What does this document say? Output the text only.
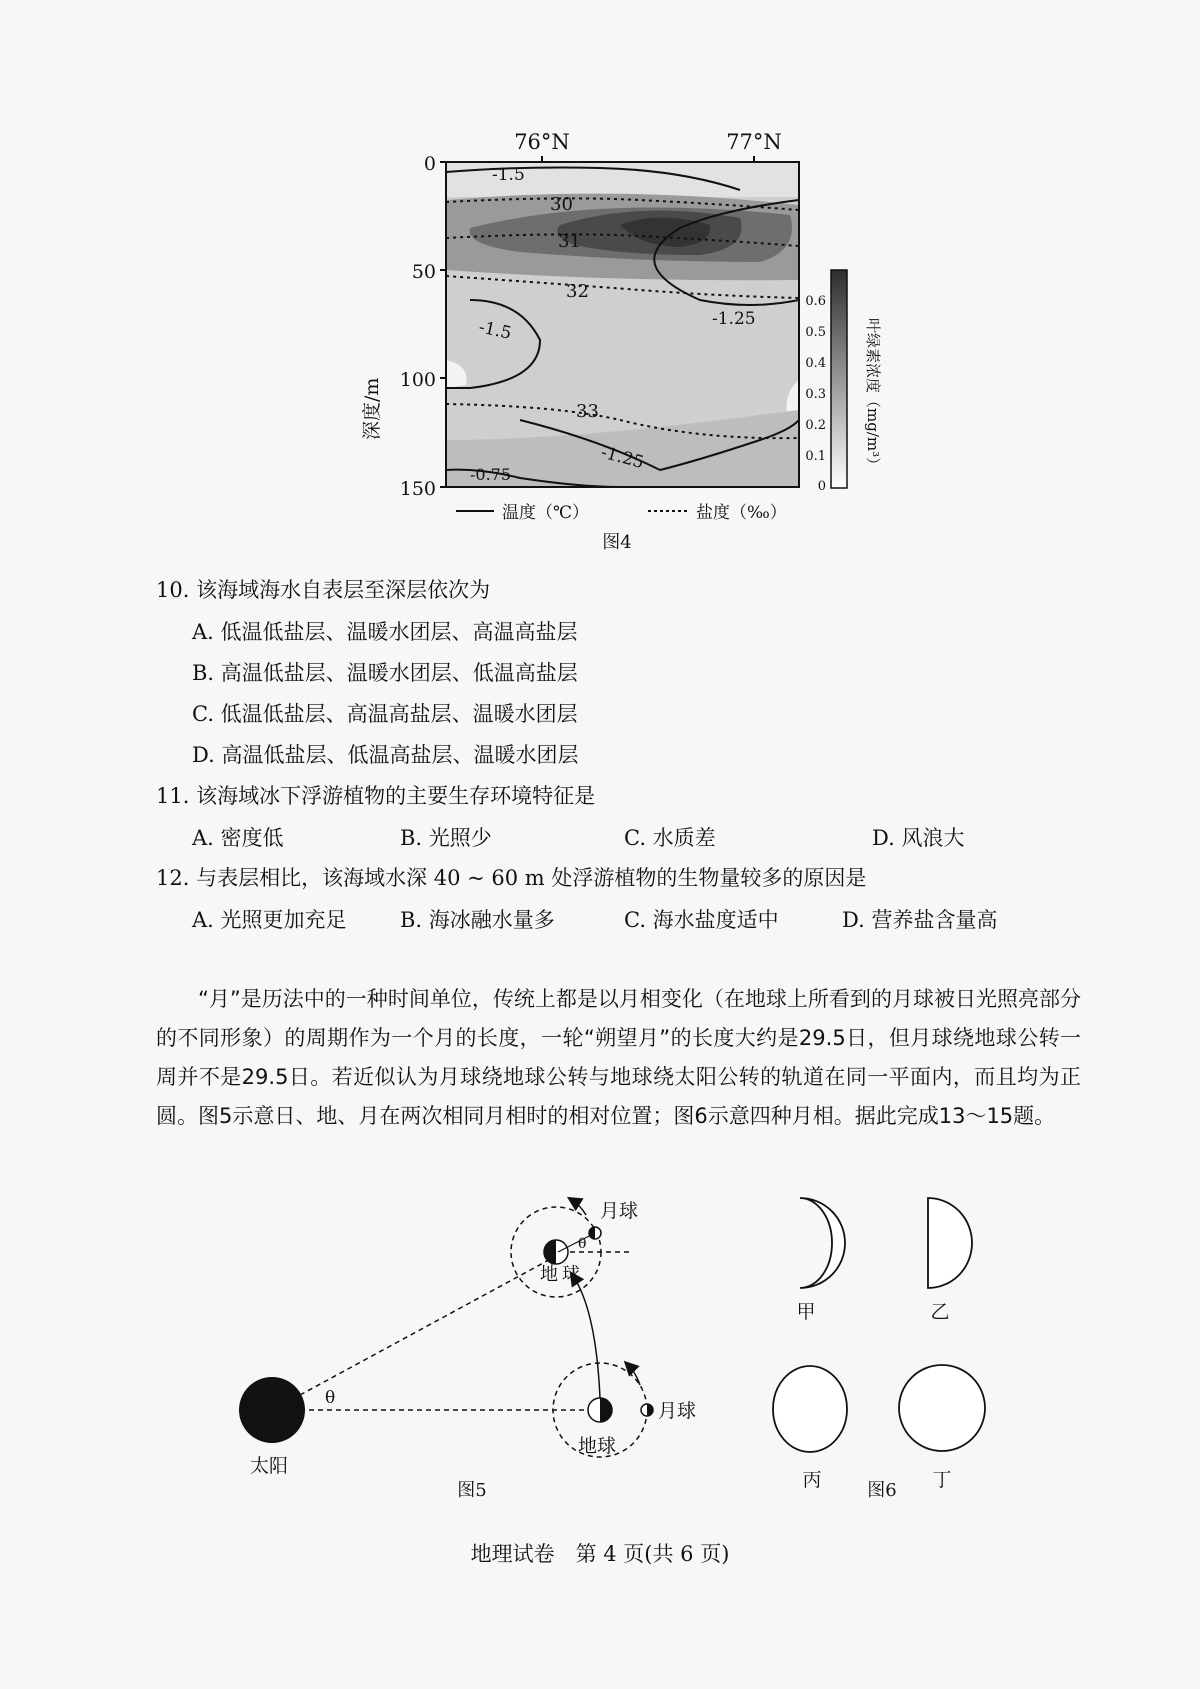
-1.5
-1.5	-1.25
-1.25
-0.75
30
31
32
33
76°N	77°N
0
50
100
150
深度/m
0.6
0.5
0.4
0.3
0.2
0.1
0
叶绿素浓度（mg/m³）
温度（℃）	盐度（‰）
图4
10. 该海域海水自表层至深层依次为
A. 低温低盐层、温暖水团层、高温高盐层
B. 高温低盐层、温暖水团层、低温高盐层
C. 低温低盐层、高温高盐层、温暖水团层
D. 高温低盐层、低温高盐层、温暖水团层
11. 该海域冰下浮游植物的主要生存环境特征是
A. 密度低	B. 光照少	C. 水质差	D. 风浪大
12. 与表层相比，该海域水深 40 ~ 60 m 处浮游植物的生物量较多的原因是
A. 光照更加充足	B. 海冰融水量多	C. 海水盐度适中	D. 营养盐含量高
“月”是历法中的一种时间单位，传统上都是以月相变化（在地球上所看到的月球被日光照亮部分的不同形象）的周期作为一个月的长度，一轮“朔望月”的长度大约是29.5日，但月球绕地球公转一周并不是29.5日。若近似认为月球绕地球公转与地球绕太阳公转的轨道在同一平面内，而且均为正圆。图5示意日、地、月在两次相同月相时的相对位置；图6示意四种月相。据此完成13～15题。
太阳
θ
地球
月球
θ
地 球
月球
图5
甲	乙
丙	丁
图6
地理试卷　第 4 页(共 6 页)
